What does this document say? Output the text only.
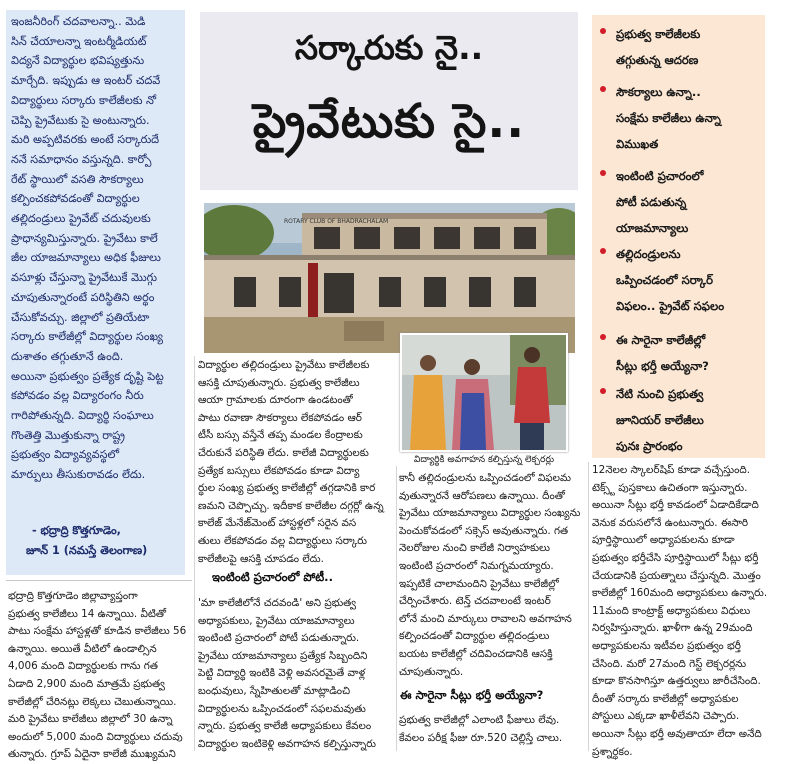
ఇంజనీరింగ్ చదవాలన్నా.. మెడి

సిన్ చేయాలన్నా ఇంటర్మీడియట్

విద్యనే విద్యార్థుల భవిష్యత్తును

మార్చేది. ఇప్పుడు ఆ ఇంటర్ చదవే

విద్యార్థులు సర్కారు కాలేజీలకు నో

చెప్పి ప్రైవేటుకు సై అంటున్నారు.

మరి అప్పటివరకు అంటే సర్కారుదే

ననే సమాధానం వస్తున్నది. కార్పో

రేట్ స్థాయిలో వసతి సౌకర్యాలు

కల్పించకపోవడంతో విద్యార్థుల

తల్లిదండ్రులు ప్రైవేట్ చదువులకు

ప్రాధాన్యమిస్తున్నారు. ప్రైవేటు కాలే

జీల యాజమాన్యాలు అధిక ఫీజులు

వసూళ్లు చేస్తున్నా ప్రైవేటుకే మొగ్గు

చూపుతున్నారంటే పరిస్థితిని అర్థం

చేసుకోవచ్చు. జిల్లాలో ప్రతియేటా

సర్కారు కాలేజీల్లో విద్యార్థుల సంఖ్య

దుశాతం తగ్గుతూనే ఉంది.

అయినా ప్రభుత్వం ప్రత్యేక దృష్టి పెట్ట

కపోవడం వల్ల విద్యారంగం నీరు

గారిపోతున్నది. విద్యార్థి సంఘాలు

గొంతెత్తి మొత్తుకున్నా రాష్ట్ర

ప్రభుత్వం విద్యావ్యవస్థలో

మార్పులు తీసుకురావడం లేదు.

- భద్రాద్రి కొత్తగూడెం,
జూన్ 1 (నమస్తే తెలంగాణ)
సర్కారుకు నై..
ప్రైవేటుకు సై..
ROTARY CLUB OF BHADRACHALAM
విద్యార్థికి అవగాహన కల్పిస్తున్న లెక్చరర్లు

ప్రభుత్వ కాలేజీలకు

తగ్గుతున్న ఆదరణ

సౌకర్యాలు ఉన్నా..

సంక్షేమ కాలేజీలు ఉన్నా

విముఖత

ఇంటింటి ప్రచారంలో

పోటీ పడుతున్న

యాజమాన్యాలు

తల్లిదండ్రులను

ఒప్పించడంలో సర్కార్

విఫలం.. ప్రైవేట్ సఫలం

ఈ సారైనా కాలేజీల్లో

సీట్లు భర్తీ అయ్యేనా?

నేటి నుంచి ప్రభుత్వ

జూనియర్ కాలేజీలు

పునః ప్రారంభం

భద్రాద్రి కొత్తగూడెం జిల్లావ్యాప్తంగా

ప్రభుత్వ కాలేజీలు 14 ఉన్నాయి. వీటితో

పాటు సంక్షేమ హాస్టళ్లతో కూడిన కాలేజీలు 56

ఉన్నాయి. అయితే వీటిలో ఉండాల్సిన

4,006 మంది విద్యార్థులకు గాను గత

ఏడాది 2,900 మంది మాత్రమే ప్రభుత్వ

కాలేజీల్లో చేరినట్లు లెక్కలు చెబుతున్నాయి.

మరి ప్రైవేటు కాలేజీలు జిల్లాలో 30 ఉన్నా

అందులో 5,000 మంది విద్యార్థులు చదువు

తున్నారు. గ్రూప్ ఏదైనా కాలేజీ ముఖ్యమని

విద్యార్థుల తల్లిదండ్రులు ప్రైవేటు కాలేజీలకు

ఆసక్తి చూపుతున్నారు. ప్రభుత్వ కాలేజీలు

ఆయా గ్రామాలకు దూరంగా ఉండటంతో

పాటు రవాణా సౌకర్యాలు లేకపోవడం ఆర్

టీసీ బస్సు వస్తేనే తప్ప మండల కేంద్రాలకు

చేరుకునే పరిస్థితి లేదు. కాలేజీ విద్యార్థులకు

ప్రత్యేక బస్సులు లేకపోవడం కూడా విద్యా

ర్థుల సంఖ్య ప్రభుత్వ కాలేజీల్లో తగ్గడానికి కార

ణమని చెప్పొచ్చు. ఇదీకాక కాలేజీల దగ్గర్లో ఉన్న

కాలేజ్ మేనేజ్‌మెంట్ హాస్టళ్లలో సరైన వస

తులు లేకపోవడం వల్ల విద్యార్థులు సర్కారు

కాలేజీలపై ఆసక్తి చూపడం లేదు.

ఇంటింటి ప్రచారంలో పోటీ..

'మా కాలేజీలోనే చదవండి' అని ప్రభుత్వ

అధ్యాపకులు, ప్రైవేటు యాజమాన్యాలు

ఇంటింటి ప్రచారంలో పోటీ పడుతున్నారు.

ప్రైవేటు యాజమాన్యాలు ప్రత్యేక సిబ్బందిని

పెట్టి విద్యార్థి ఇంటికి వెళ్లి అవసరమైతే వాళ్ల

బంధువులు, స్నేహితులతో మాట్లాడించి

విద్యార్థులను ఒప్పించడంలో సఫలమవుతు

న్నారు. ప్రభుత్వ కాలేజీ అధ్యాపకులు కేవలం

విద్యార్థుల ఇంటికెళ్లి అవగాహన కల్పిస్తున్నారు

కానీ తల్లిదండ్రులను ఒప్పించడంలో విఫలమ

వుతున్నారనే ఆరోపణలు ఉన్నాయి. దీంతో

ప్రైవేటు యాజమాన్యాలు విద్యార్థుల సంఖ్యను

పెంచుకోవడంలో సక్సెస్ అవుతున్నారు. గత

నెలరోజుల నుంచి కాలేజీ నిర్వాహకులు

ఇంటింటి ప్రచారంలో నిమగ్నమయ్యారు.

ఇప్పటికే చాలామందిని ప్రైవేటు కాలేజీల్లో

చేర్పించేశారు. టెన్త్ చదవాలంటే ఇంటర్

లోనే మంచి మార్కులు రావాలని అవగాహన

కల్పించడంతో విద్యార్థుల తల్లిదండ్రులు

బయట కాలేజీల్లో చదివించడానికి ఆసక్తి

చూపుతున్నారు.

ఈ సారైనా సీట్లు భర్తీ అయ్యేనా?

ప్రభుత్వ కాలేజీల్లో ఎలాంటి ఫీజులు లేవు.

కేవలం పరీక్ష ఫీజు రూ.520 చెల్లిస్తే చాలు.

12నెలల స్కాలర్‌షిప్ కూడా వచ్చేస్తుంది.

టెక్స్ట్ పుస్తకాలు ఉచితంగా ఇస్తున్నారు.

అయినా సీట్లు భర్తీ కావడంలో ఏడాదికేడాది

వెనుక వరుసలోనే ఉంటున్నారు. ఈసారి

పూర్తిస్థాయిలో అధ్యాపకులను కూడా

ప్రభుత్వం భర్తీచేసి పూర్తిస్థాయిలో సీట్లు భర్తీ

చేయడానికి ప్రయత్నాలు చేస్తున్నది. మొత్తం

కాలేజీల్లో 160మంది అధ్యాపకులు ఉన్నారు.

11మంది కాంట్రాక్ట్ అధ్యాపకులు విధులు

నిర్వహిస్తున్నారు. ఖాళీగా ఉన్న 29మంది

అధ్యాపకులను ఇటీవల ప్రభుత్వం భర్తీ

చేసింది. మరో 27మంది గెస్ట్ లెక్చరర్లను

కూడా కొనసాగిస్తూ ఉత్తర్వులు జారీచేసింది.

దీంతో సర్కారు కాలేజీల్లో అధ్యాపకుల

పోస్టులు ఎక్కడా ఖాళీలేవని చెప్పారు.

అయినా సీట్లు భర్తీ అవుతాయా లేదా అనేది

ప్రశ్నార్థకం.
